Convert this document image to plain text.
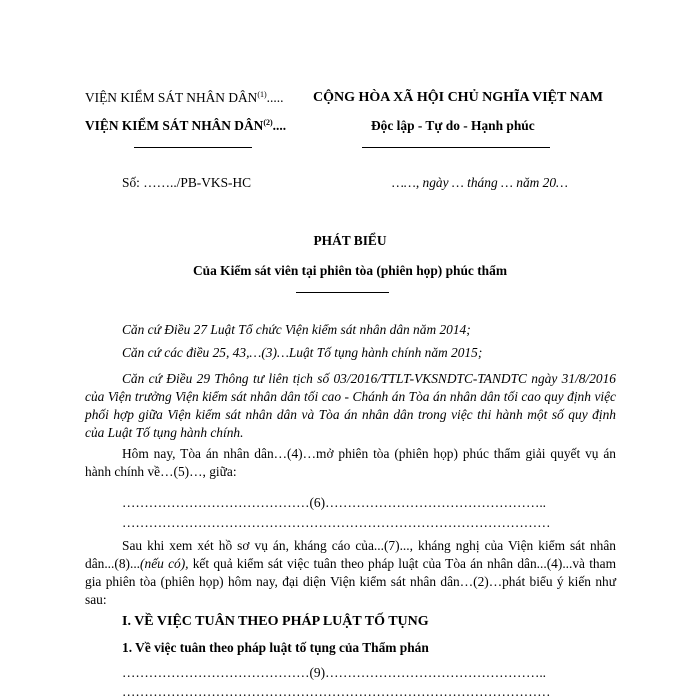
VIỆN KIỂM SÁT NHÂN DÂN$^{(1)}$.....
VIỆN KIỂM SÁT NHÂN DÂN$^{(2)}$....
Số: ……../PB-VKS-HC
CỘNG HÒA XÃ HỘI CHỦ NGHĨA VIỆT NAM
Độc lập - Tự do - Hạnh phúc
……, ngày … tháng … năm 20…
PHÁT BIỂU
Của Kiểm sát viên tại phiên tòa (phiên họp) phúc thẩm
Căn cứ Điều 27 Luật Tổ chức Viện kiểm sát nhân dân năm 2014;
Căn cứ các điều 25, 43,…(3)…Luật Tố tụng hành chính năm 2015;
Căn cứ Điều 29 Thông tư liên tịch số 03/2016/TTLT-VKSNDTC-TANDTC ngày 31/8/2016
của Viện trưởng Viện kiểm sát nhân dân tối cao - Chánh án Tòa án nhân dân tối cao quy định việc
phối hợp giữa Viện kiểm sát nhân dân và Tòa án nhân dân trong việc thi hành một số quy định
của Luật Tố tụng hành chính.
Hôm nay, Tòa án nhân dân…(4)…mở phiên tòa (phiên họp) phúc thẩm giải quyết vụ án
hành chính về…(5)…, giữa:
……………………………………(6)…………………………………………..
……………………………………………………………………………………
Sau khi xem xét hồ sơ vụ án, kháng cáo của...(7)..., kháng nghị của Viện kiểm sát nhân
dân...(8)...(nếu có), kết quả kiểm sát việc tuân theo pháp luật của Tòa án nhân dân...(4)...và tham
gia phiên tòa (phiên họp) hôm nay, đại diện Viện kiểm sát nhân dân…(2)…phát biểu ý kiến như
sau:
I. VỀ VIỆC TUÂN THEO PHÁP LUẬT TỐ TỤNG
1. Về việc tuân theo pháp luật tố tụng của Thẩm phán
……………………………………(9)…………………………………………..
……………………………………………………………………………………
